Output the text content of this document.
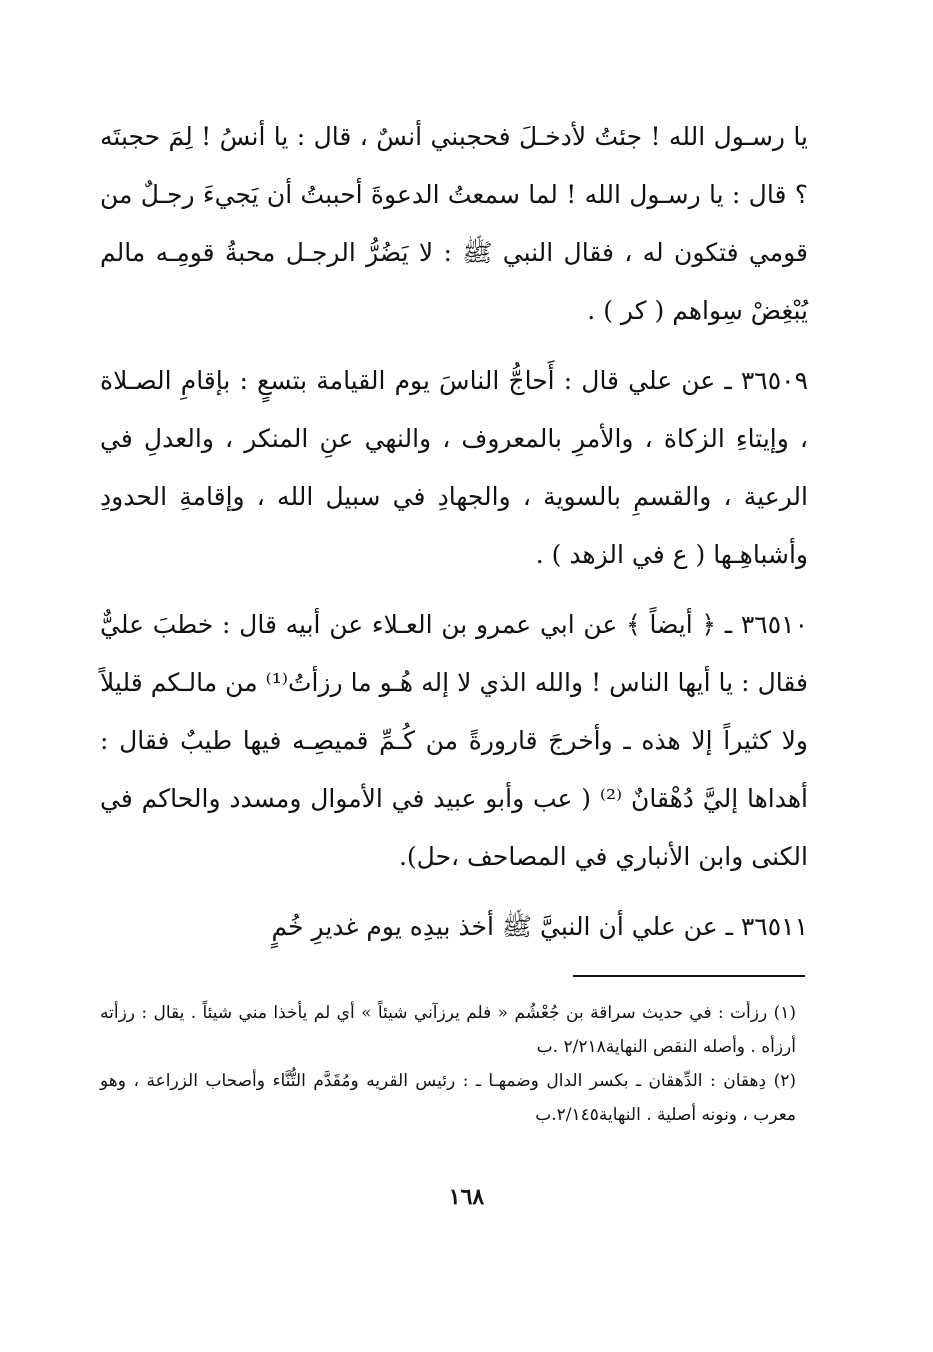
يا رسـول الله ! جئتُ لأدخـلَ فحجبني أنسٌ ، قال : يا أنسُ ! لِمَ حجبتَه ؟ قال : يا رسـول الله ! لما سمعتُ الدعوةَ أحببتُ أن يَجيءَ رجـلٌ من قومي فتكون له ، فقال النبي ﷺ : لا يَضُرُّ الرجـل محبةُ قومِـه مالم يُبْغِضْ سِواهم ( كر ) .

٣٦٥٠٩ ـ عن علي قال : أَحاجُّ الناسَ يوم القيامة بتسعٍ : بإقامِ الصـلاة ، وإيتاءِ الزكاة ، والأمرِ بالمعروف ، والنهي عنِ المنكر ، والعدلِ في الرعية ، والقسمِ بالسوية ، والجهادِ في سبيل الله ، وإقامةِ الحدودِ وأشباهِـها ( ع في الزهد ) .

٣٦٥١٠ ـ ﴿ أيضاً ﴾ عن ابي عمرو بن العـلاء عن أبيه قال : خطبَ عليٌّ فقال : يا أيها الناس ! والله الذي لا إله هُـو ما رزأتُ⁽¹⁾ من مالـكم قليلاً ولا كثيراً إلا هذه ـ وأخرجَ قارورةً من كُـمِّ قميصِـه فيها طيبٌ فقال : أهداها إليَّ دُهْقانٌ ⁽²⁾ ( عب وأبو عبيد في الأموال ومسدد والحاكم في الكنى وابن الأنباري في المصاحف ،حل).

٣٦٥١١ ـ عن علي أن النبيَّ ﷺ أخذ بيدِه يوم غديرِ خُمٍ

(١) رزأت : في حديث سراقة بن جُعْشُم « فلم يرزآني شيئاً » أي لم يأخذا مني شيئاً . يقال : رزأته أرزأه . وأصله النقص النهاية٢/٢١٨ .ب

(٢) دِهقان : الدِّهقان ـ بكسر الدال وضمهـا ـ : رئيس القريه ومُقَدَّم التُّنَّاء وأصحاب الزراعة ، وهو معرب ، ونونه أصلية . النهاية٢/١٤٥.ب

١٦٨
